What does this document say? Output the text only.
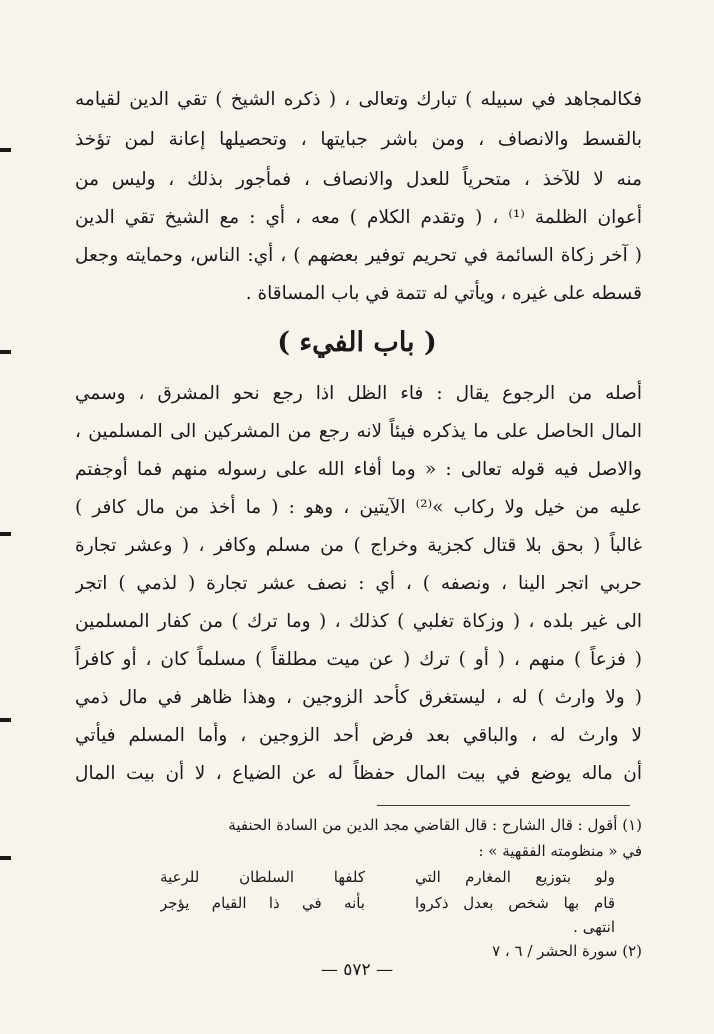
فكالمجاهد في سبيله ) تبارك وتعالى ، ( ذكره الشيخ ) تقي الدين لقيامه
بالقسط والانصاف ، ومن باشر جبايتها ، وتحصيلها إعانة لمن تؤخذ
منه لا للآخذ ، متحرياً للعدل والانصاف ، فمأجور بذلك ، وليس من
أعوان الظلمة ⁽¹⁾ ، ( وتقدم الكلام ) معه ، أي : مع الشيخ تقي الدين
( آخر زكاة السائمة في تحريم توفير بعضهم ) ، أي: الناس، وحمايته وجعل
قسطه على غيره ، ويأتي له تتمة في باب المساقاة .
( باب الفيء )
أصله من الرجوع يقال : فاء الظل اذا رجع نحو المشرق ، وسمي
المال الحاصل على ما يذكره فيئاً لانه رجع من المشركين الى المسلمين ،
والاصل فيه قوله تعالى : « وما أفاء الله على رسوله منهم فما أوجفتم
عليه من خيل ولا ركاب »⁽²⁾ الآيتين ، وهو : ( ما أخذ من مال كافر )
غالباً ( بحق بلا قتال كجزية وخراج ) من مسلم وكافر ، ( وعشر تجارة
حربي اتجر الينا ، ونصفه ) ، أي : نصف عشر تجارة ( لذمي ) اتجر
الى غير بلده ، ( وزكاة تغلبي ) كذلك ، ( وما ترك ) من كفار المسلمين
( فزعاً ) منهم ، ( أو ) ترك ( عن ميت مطلقاً ) مسلماً كان ، أو كافراً
( ولا وارث ) له ، ليستغرق كأحد الزوجين ، وهذا ظاهر في مال ذمي
لا وارث له ، والباقي بعد فرض أحد الزوجين ، وأما المسلم فيأتي
أن ماله يوضع في بيت المال حفظاً له عن الضياع ، لا أن بيت المال
(١) أقول : قال الشارح : قال القاضي مجد الدين من السادة الحنفية
في « منظومته الفقهية » :
ولو بتوزيع المغارم التي
كلفها السلطان للرعية
قام بها شخص بعدل ذكروا
بأنه في ذا القيام يؤجر
انتهى .
(٢) سورة الحشر / ٦ ، ٧
— ٥٧٢ —
